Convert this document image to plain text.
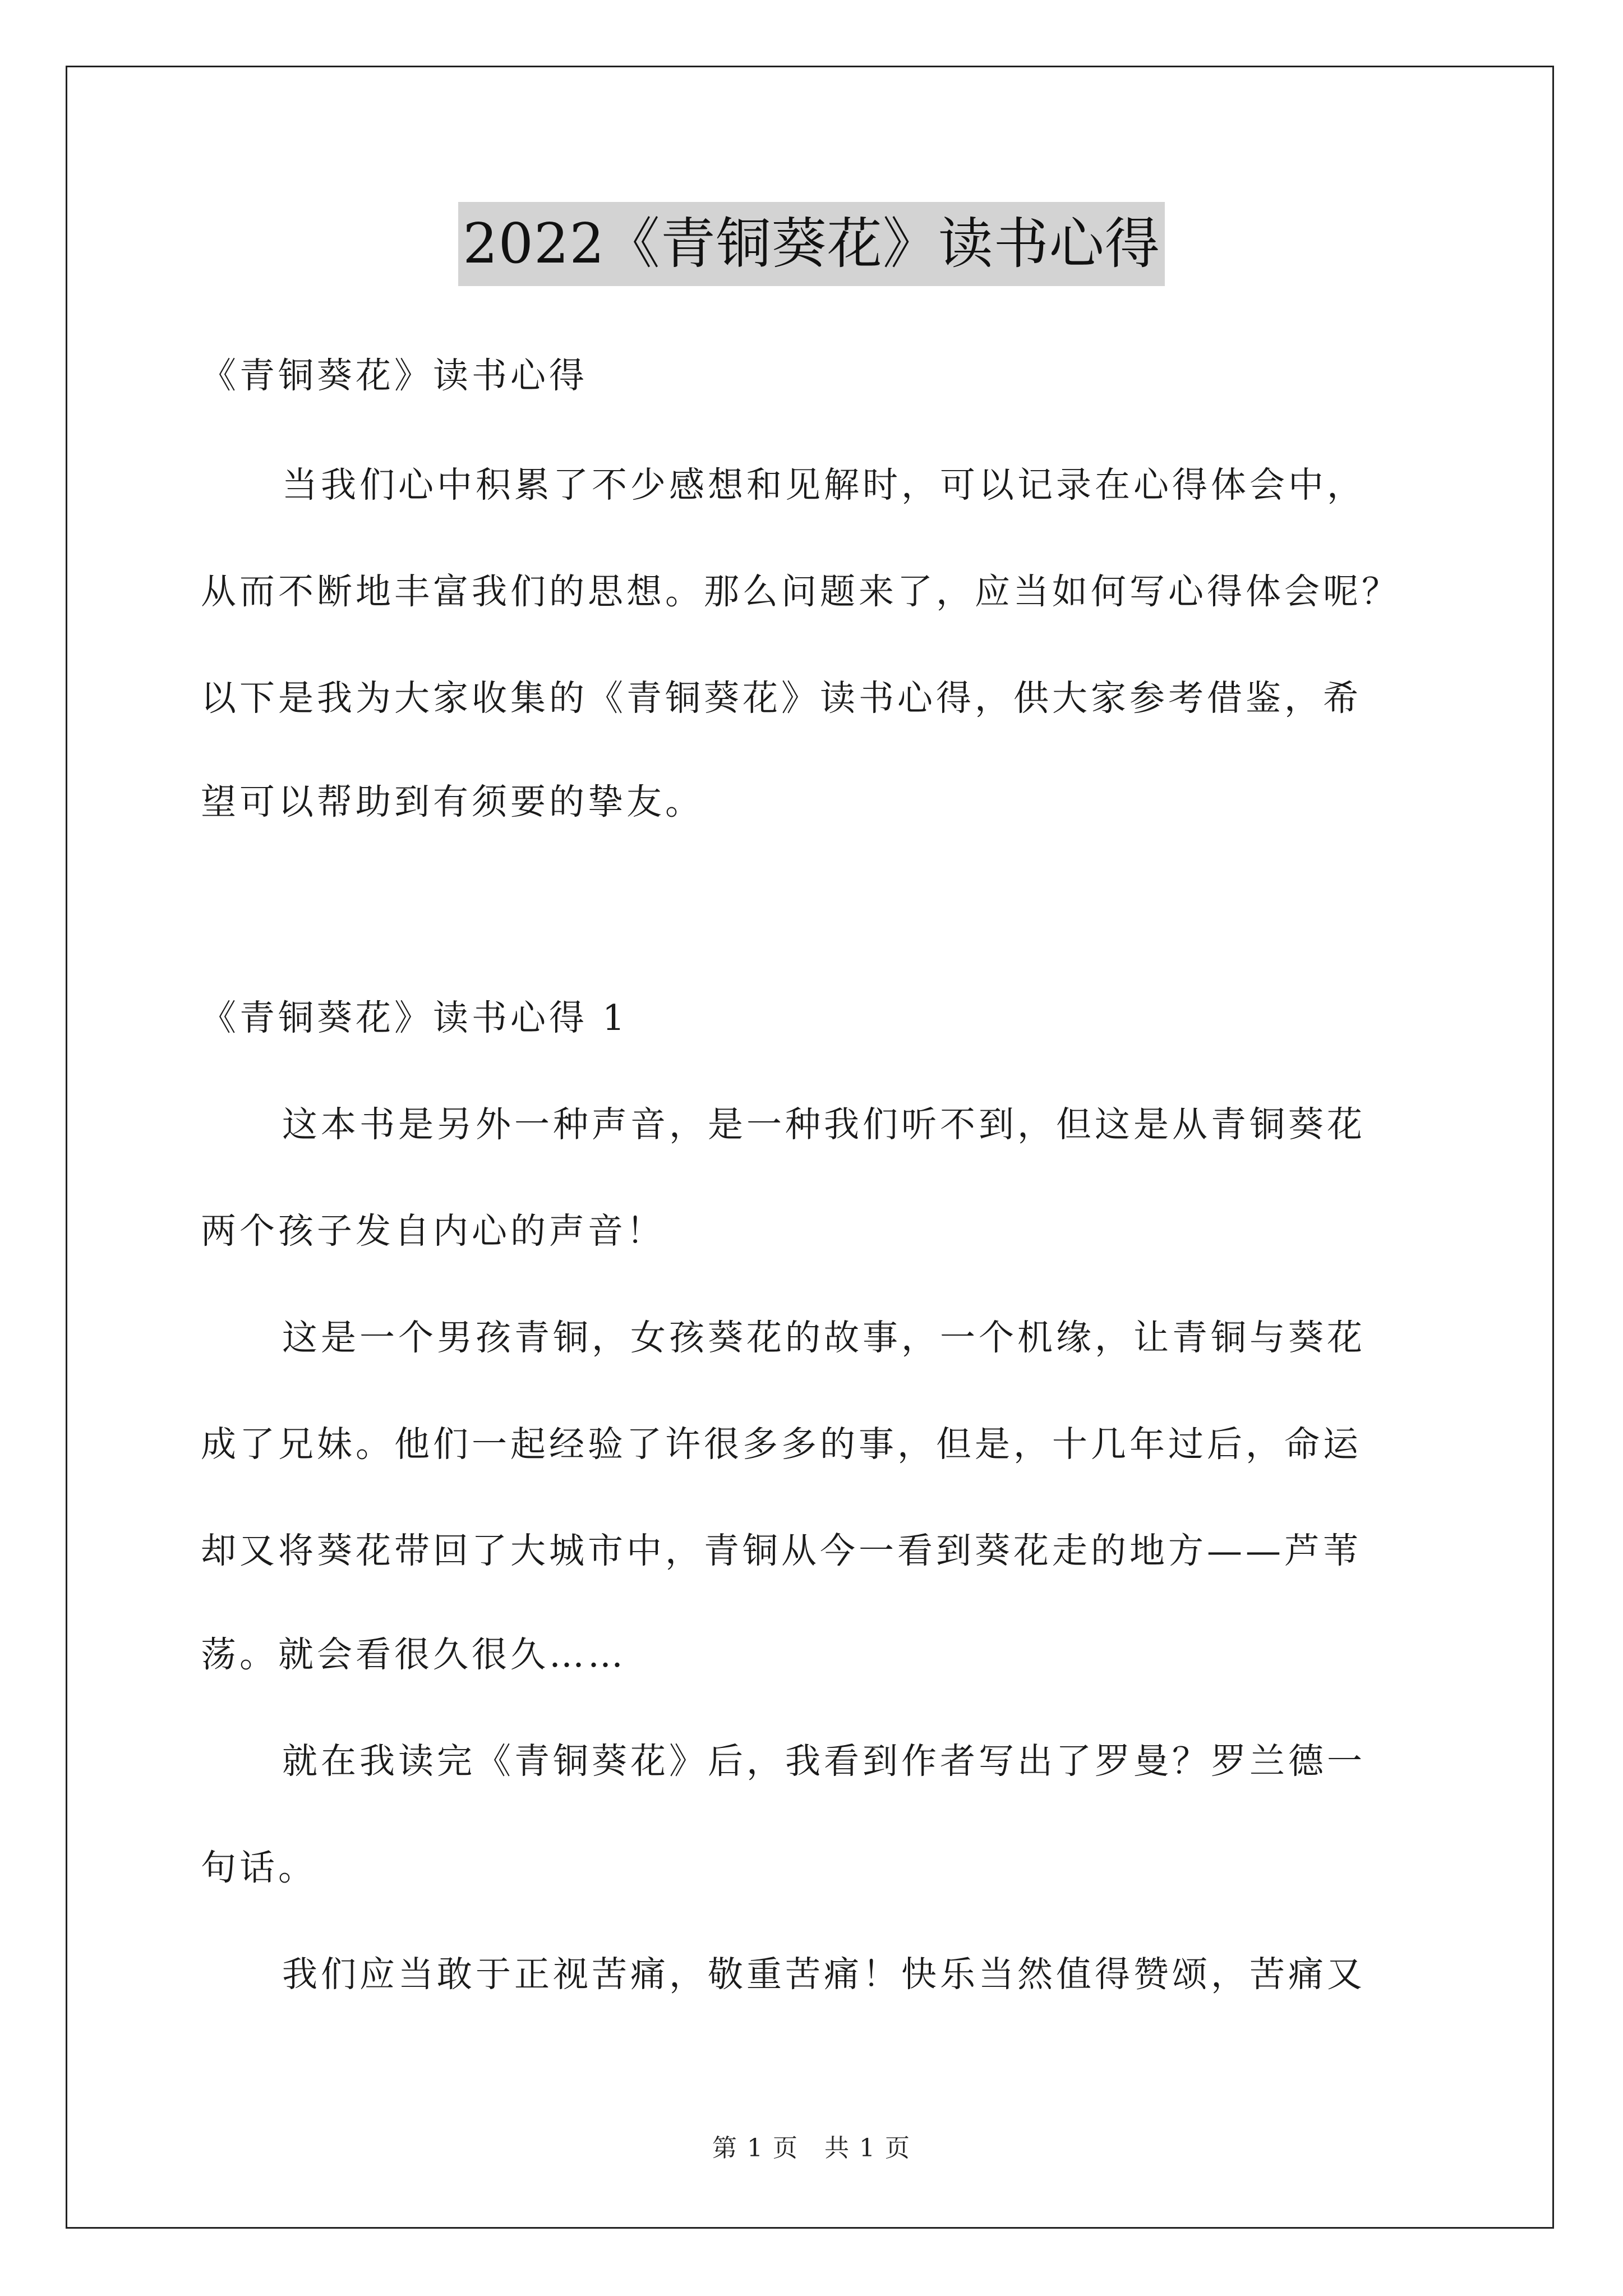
2022《青铜葵花》读书心得
《青铜葵花》读书心得
当我们心中积累了不少感想和见解时，可以记录在心得体会中，
从而不断地丰富我们的思想。那么问题来了，应当如何写心得体会呢？
以下是我为大家收集的《青铜葵花》读书心得，供大家参考借鉴，希
望可以帮助到有须要的挚友。
《青铜葵花》读书心得 1
这本书是另外一种声音，是一种我们听不到，但这是从青铜葵花
两个孩子发自内心的声音！
这是一个男孩青铜，女孩葵花的故事，一个机缘，让青铜与葵花
成了兄妹。他们一起经验了许很多多的事，但是，十几年过后，命运
却又将葵花带回了大城市中，青铜从今一看到葵花走的地方——芦苇
荡。就会看很久很久……
就在我读完《青铜葵花》后，我看到作者写出了罗曼？罗兰德一
句话。
我们应当敢于正视苦痛，敬重苦痛！快乐当然值得赞颂，苦痛又
第 1 页　共 1 页
